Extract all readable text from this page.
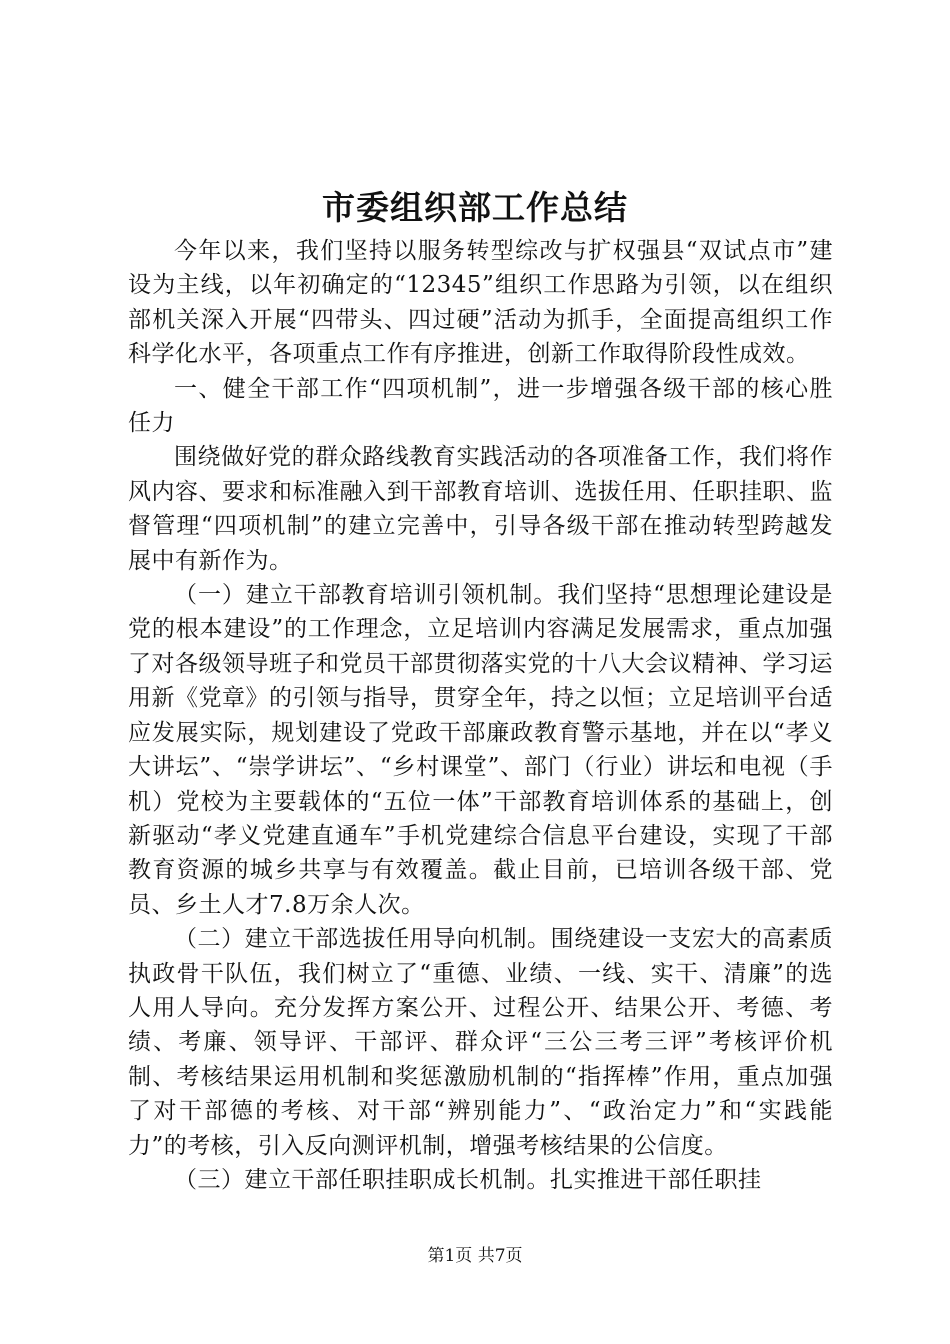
市委组织部工作总结

今年以来，我们坚持以服务转型综改与扩权强县“双试点市”建设为主线，以年初确定的“12345”组织工作思路为引领，以在组织部机关深入开展“四带头、四过硬”活动为抓手，全面提高组织工作科学化水平，各项重点工作有序推进，创新工作取得阶段性成效。

一、健全干部工作“四项机制”，进一步增强各级干部的核心胜任力

围绕做好党的群众路线教育实践活动的各项准备工作，我们将作风内容、要求和标准融入到干部教育培训、选拔任用、任职挂职、监督管理“四项机制”的建立完善中，引导各级干部在推动转型跨越发展中有新作为。

（一）建立干部教育培训引领机制。我们坚持“思想理论建设是党的根本建设”的工作理念，立足培训内容满足发展需求，重点加强了对各级领导班子和党员干部贯彻落实党的十八大会议精神、学习运用新《党章》的引领与指导，贯穿全年，持之以恒；立足培训平台适应发展实际，规划建设了党政干部廉政教育警示基地，并在以“孝义大讲坛”、“崇学讲坛”、“乡村课堂”、部门（行业）讲坛和电视（手机）党校为主要载体的“五位一体”干部教育培训体系的基础上，创新驱动“孝义党建直通车”手机党建综合信息平台建设，实现了干部教育资源的城乡共享与有效覆盖。截止目前，已培训各级干部、党员、乡土人才7.8万余人次。

（二）建立干部选拔任用导向机制。围绕建设一支宏大的高素质执政骨干队伍，我们树立了“重德、业绩、一线、实干、清廉”的选人用人导向。充分发挥方案公开、过程公开、结果公开、考德、考绩、考廉、领导评、干部评、群众评“三公三考三评”考核评价机制、考核结果运用机制和奖惩激励机制的“指挥棒”作用，重点加强了对干部德的考核、对干部“辨别能力”、“政治定力”和“实践能力”的考核，引入反向测评机制，增强考核结果的公信度。

（三）建立干部任职挂职成长机制。扎实推进干部任职挂

第1页 共7页
